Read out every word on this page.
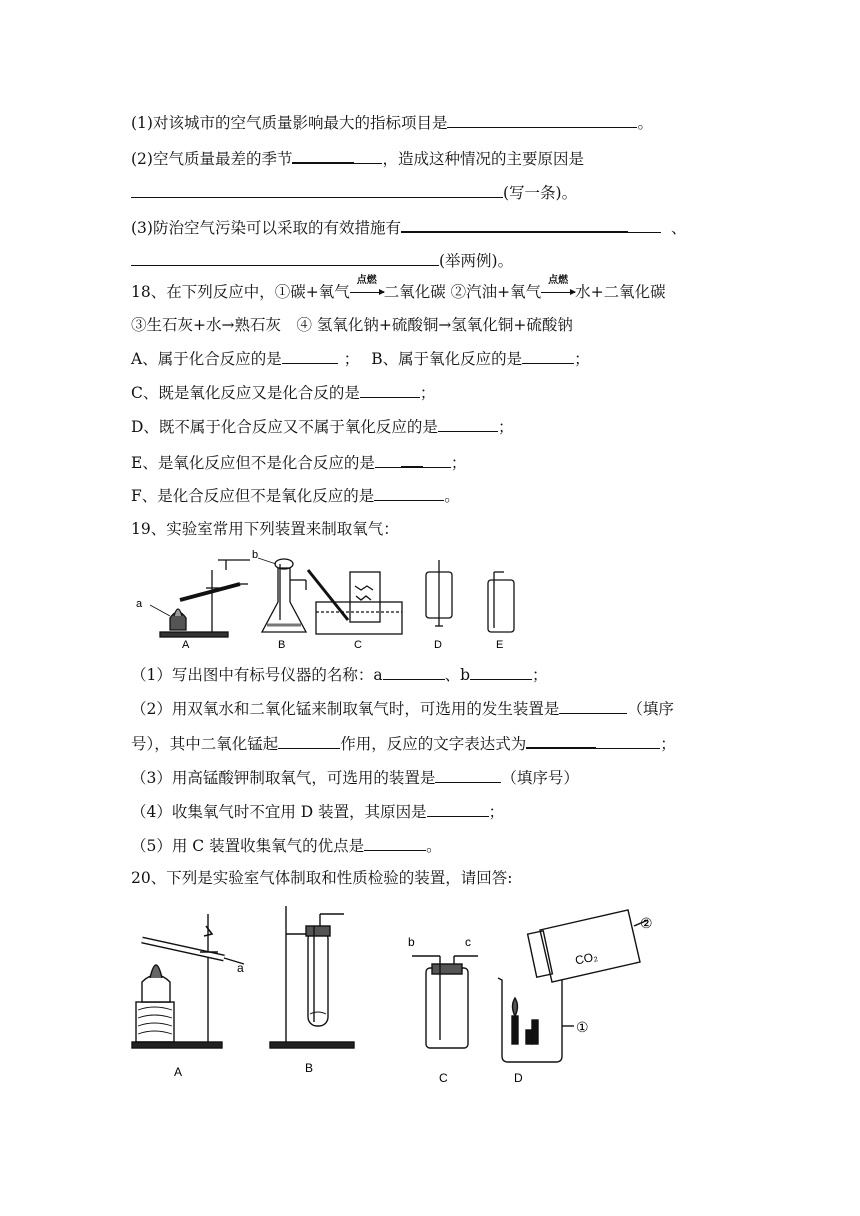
(1)对该城市的空气质量影响最大的指标项目是	。
(2)空气质量最差的季节	，造成这种情况的主要原因是
(写一条)。
(3)防治空气污染可以采取的有效措施有	、
(举两例)。
18、在下列反应中，①碳+氧气
点燃
二氧化碳 ②汽油+氧气
点燃
水+二氧化碳
③生石灰+水→熟石灰　④ 氢氧化钠+硫酸铜→氢氧化铜+硫酸钠
A、属于化合反应的是	； B、属于氧化反应的是	；
C、既是氧化反应又是化合反的是	；
D、既不属于化合反应又不属于氧化反应的是	；
E、是氧化反应但不是化合反应的是	；
F、是化合反应但不是氧化反应的是	。
19、实验室常用下列装置来制取氧气：
a
b
A	B	C	D	E
（1）写出图中有标号仪器的名称：a	、b	；
（2）用双氧水和二氧化锰来制取氧气时，可选用的发生装置是	（填序
号），其中二氧化锰起	作用，反应的文字表达式为	；
（3）用高锰酸钾制取氧气，可选用的装置是	（填序号）
（4）收集氧气时不宜用 D 装置，其原因是	；
（5）用 C 装置收集氧气的优点是	。
20、下列是实验室气体制取和性质检验的装置，请回答:
a
A	B
b	c
C	D
CO₂
①
②
